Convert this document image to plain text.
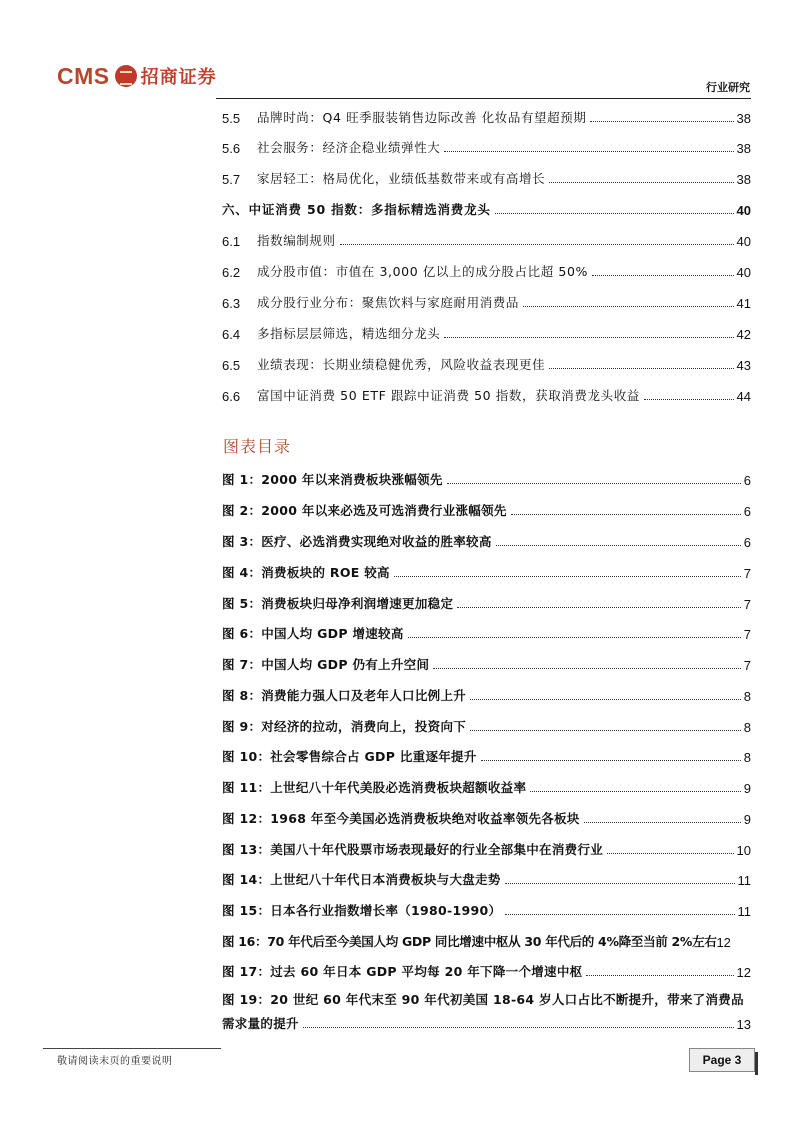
CMS 招商证券	行业研究
5.5	品牌时尚：Q4 旺季服装销售边际改善 化妆品有望超预期	38
5.6	社会服务：经济企稳业绩弹性大	38
5.7	家居轻工：格局优化，业绩低基数带来或有高增长	38
六、中证消费 50 指数：多指标精选消费龙头	40
6.1	指数编制规则	40
6.2	成分股市值：市值在 3,000 亿以上的成分股占比超 50%	40
6.3	成分股行业分布：聚焦饮料与家庭耐用消费品	41
6.4	多指标层层筛选，精选细分龙头	42
6.5	业绩表现：长期业绩稳健优秀，风险收益表现更佳	43
6.6	富国中证消费 50 ETF 跟踪中证消费 50 指数，获取消费龙头收益	44
图表目录
图 1：2000 年以来消费板块涨幅领先	6
图 2：2000 年以来必选及可选消费行业涨幅领先	6
图 3：医疗、必选消费实现绝对收益的胜率较高	6
图 4：消费板块的 ROE 较高	7
图 5：消费板块归母净利润增速更加稳定	7
图 6：中国人均 GDP 增速较高	7
图 7：中国人均 GDP 仍有上升空间	7
图 8：消费能力强人口及老年人口比例上升	8
图 9：对经济的拉动，消费向上，投资向下	8
图 10：社会零售综合占 GDP 比重逐年提升	8
图 11：上世纪八十年代美股必选消费板块超额收益率	9
图 12：1968 年至今美国必选消费板块绝对收益率领先各板块	9
图 13：美国八十年代股票市场表现最好的行业全部集中在消费行业	10
图 14：上世纪八十年代日本消费板块与大盘走势	11
图 15：日本各行业指数增长率（1980-1990）	11
图 16：70 年代后至今美国人均 GDP 同比增速中枢从 30 年代后的 4%降至当前 2%左右 12
图 17：过去 60 年日本 GDP 平均每 20 年下降一个增速中枢	12
图 19：20 世纪 60 年代末至 90 年代初美国 18-64 岁人口占比不断提升，带来了消费品
需求量的提升	13
敬请阅读末页的重要说明	Page 3
